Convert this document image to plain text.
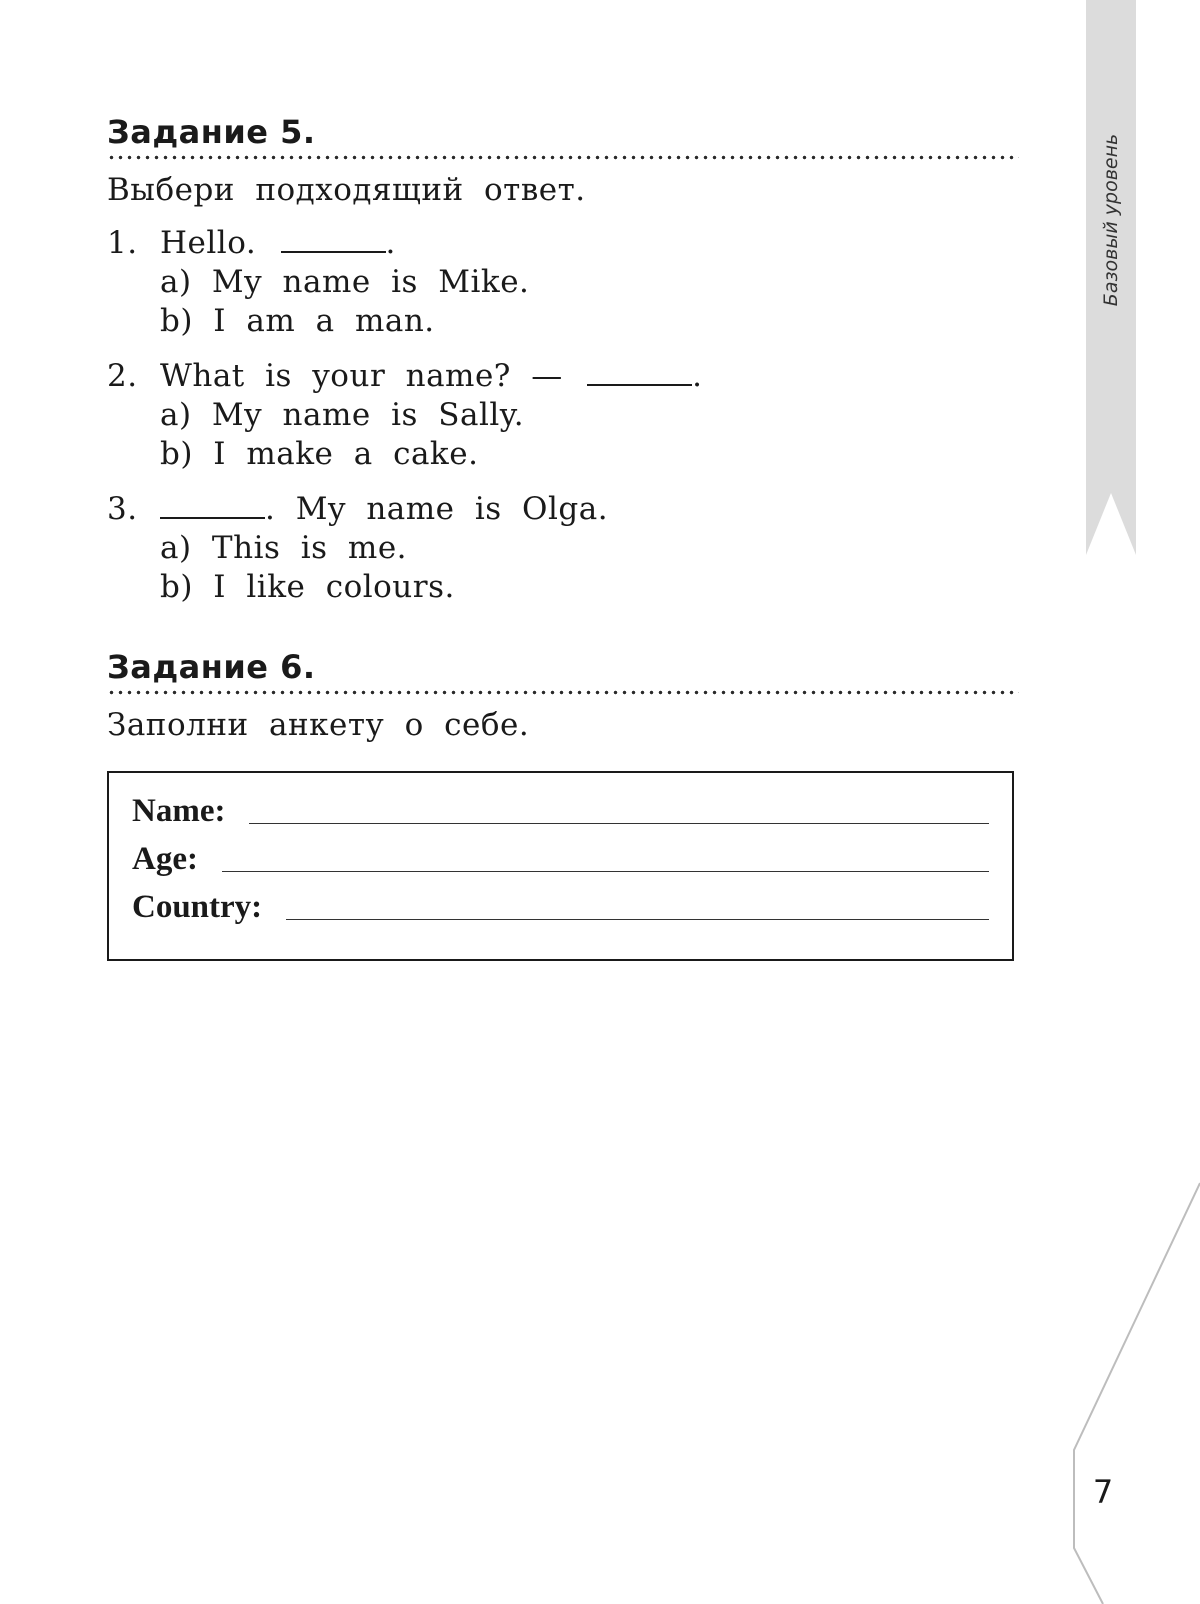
Базовый уровень
Задание 5.

Выбери подходящий ответ.

1. Hello.	.

a) My name is Mike.

b) I am a man.

2. What is your name? —	.

a) My name is Sally.

b) I make a cake.

3.	. My name is Olga.

a) This is me.

b) I like colours.

Задание 6.

Заполни анкету о себе.

Name:
Age:
Country:
7
